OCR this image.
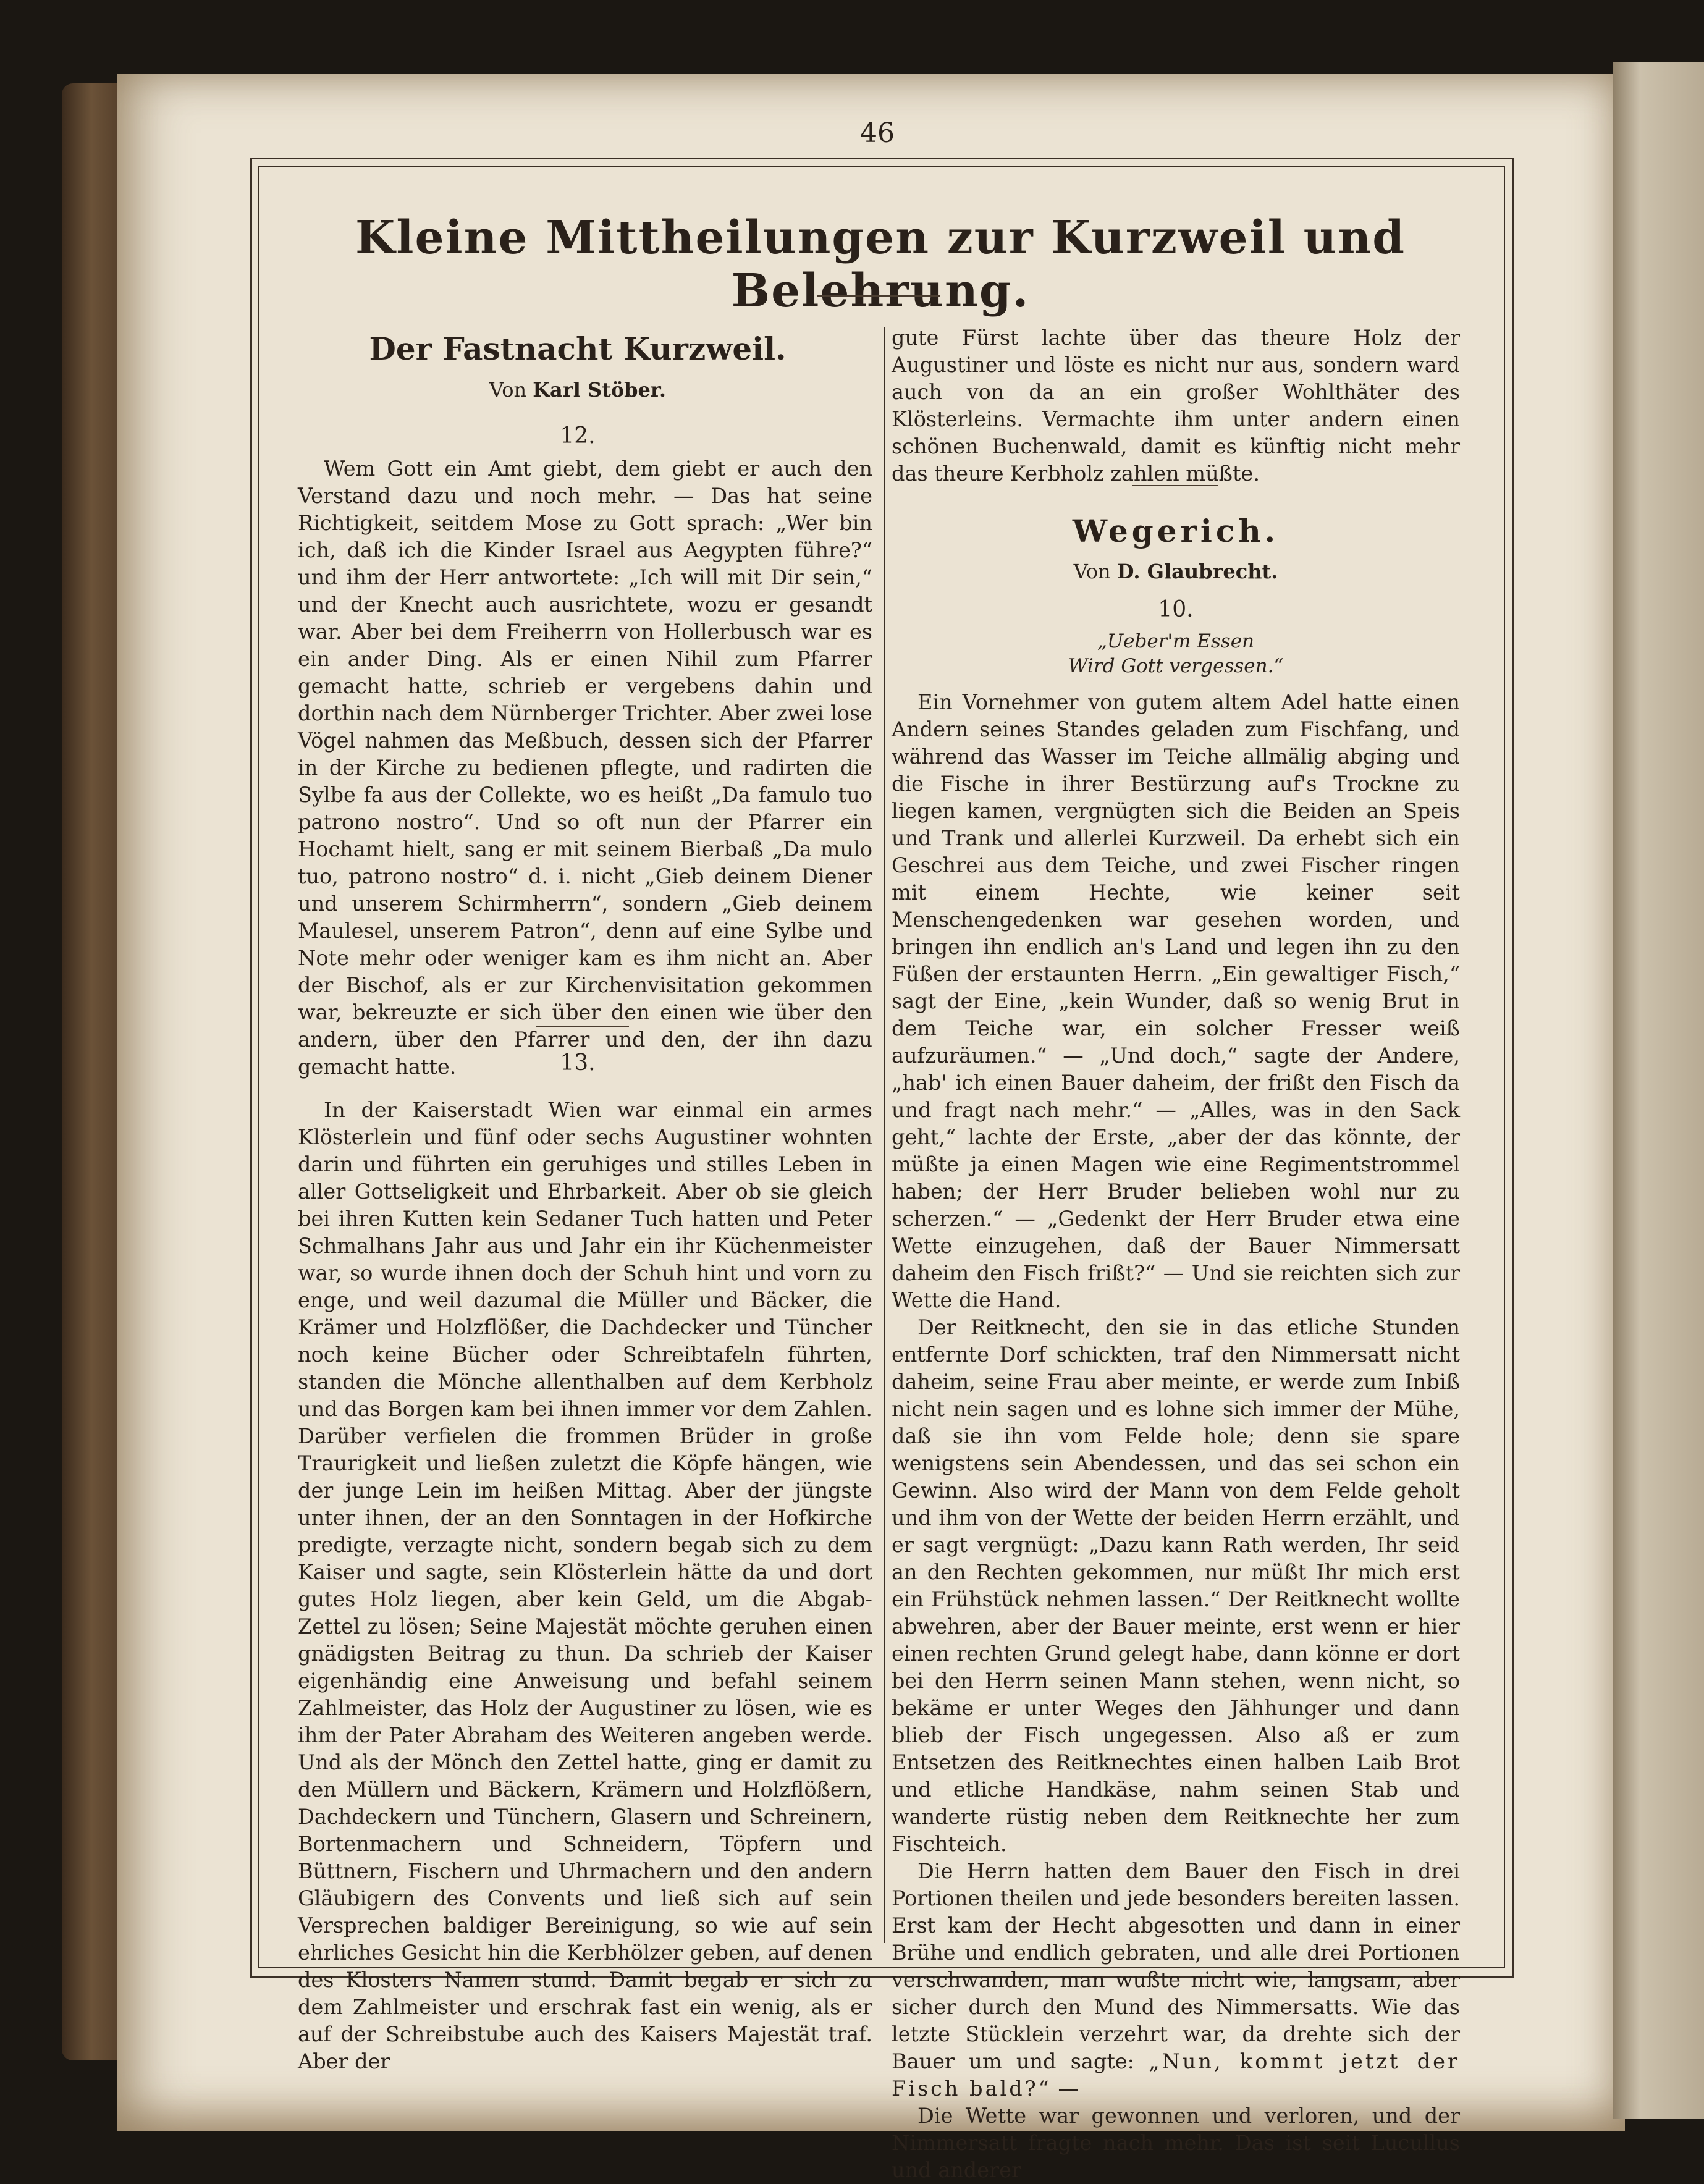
46
Kleine Mittheilungen zur Kurzweil und Belehrung.
Der Fastnacht Kurzweil.
Von Karl Stöber.
12.

Wem Gott ein Amt giebt, dem giebt er auch den Verstand dazu und noch mehr. — Das hat seine Richtigkeit, seitdem Mose zu Gott sprach: „Wer bin ich, daß ich die Kinder Israel aus Aegypten führe?“ und ihm der Herr antwortete: „Ich will mit Dir sein,“ und der Knecht auch ausrichtete, wozu er gesandt war. Aber bei dem Freiherrn von Hollerbusch war es ein ander Ding. Als er einen Nihil zum Pfarrer gemacht hatte, schrieb er vergebens dahin und dorthin nach dem Nürnberger Trichter. Aber zwei lose Vögel nahmen das Meßbuch, dessen sich der Pfarrer in der Kirche zu bedienen pflegte, und radirten die Sylbe fa aus der Collekte, wo es heißt „Da famulo tuo patrono nostro“. Und so oft nun der Pfarrer ein Hochamt hielt, sang er mit seinem Bierbaß „Da mulo tuo, patrono nostro“ d. i. nicht „Gieb deinem Diener und unserem Schirmherrn“, sondern „Gieb deinem Maulesel, unserem Patron“, denn auf eine Sylbe und Note mehr oder weniger kam es ihm nicht an. Aber der Bischof, als er zur Kirchenvisitation gekommen war, bekreuzte er sich über den einen wie über den andern, über den Pfarrer und den, der ihn dazu gemacht hatte.	13.

In der Kaiserstadt Wien war einmal ein armes Klösterlein und fünf oder sechs Augustiner wohnten darin und führten ein geruhiges und stilles Leben in aller Gottseligkeit und Ehrbarkeit. Aber ob sie gleich bei ihren Kutten kein Sedaner Tuch hatten und Peter Schmalhans Jahr aus und Jahr ein ihr Küchenmeister war, so wurde ihnen doch der Schuh hint und vorn zu enge, und weil dazumal die Müller und Bäcker, die Krämer und Holzflößer, die Dachdecker und Tüncher noch keine Bücher oder Schreibtafeln führten, standen die Mönche allenthalben auf dem Kerbholz und das Borgen kam bei ihnen immer vor dem Zahlen. Darüber verfielen die frommen Brüder in große Traurigkeit und ließen zuletzt die Köpfe hängen, wie der junge Lein im heißen Mittag. Aber der jüngste unter ihnen, der an den Sonntagen in der Hofkirche predigte, verzagte nicht, sondern begab sich zu dem Kaiser und sagte, sein Klösterlein hätte da und dort gutes Holz liegen, aber kein Geld, um die Abgab-Zettel zu lösen; Seine Majestät möchte geruhen einen gnädigsten Beitrag zu thun. Da schrieb der Kaiser eigenhändig eine Anweisung und befahl seinem Zahlmeister, das Holz der Augustiner zu lösen, wie es ihm der Pater Abraham des Weiteren angeben werde. Und als der Mönch den Zettel hatte, ging er damit zu den Müllern und Bäckern, Krämern und Holzflößern, Dachdeckern und Tünchern, Glasern und Schreinern, Bortenmachern und Schneidern, Töpfern und Büttnern, Fischern und Uhrmachern und den andern Gläubigern des Convents und ließ sich auf sein Versprechen baldiger Bereinigung, so wie auf sein ehrliches Gesicht hin die Kerbhölzer geben, auf denen des Klosters Namen stund. Damit begab er sich zu dem Zahlmeister und erschrak fast ein wenig, als er auf der Schreibstube auch des Kaisers Majestät traf. Aber der

gute Fürst lachte über das theure Holz der Augustiner und löste es nicht nur aus, sondern ward auch von da an ein großer Wohlthäter des Klösterleins. Vermachte ihm unter andern einen schönen Buchenwald, damit es künftig nicht mehr das theure Kerbholz zahlen müßte.

Wegerich.
Von D. Glaubrecht.
10.
„Ueber'm Essen
Wird Gott vergessen.“

Ein Vornehmer von gutem altem Adel hatte einen Andern seines Standes geladen zum Fischfang, und während das Wasser im Teiche allmälig abging und die Fische in ihrer Bestürzung auf's Trockne zu liegen kamen, vergnügten sich die Beiden an Speis und Trank und allerlei Kurzweil. Da erhebt sich ein Geschrei aus dem Teiche, und zwei Fischer ringen mit einem Hechte, wie keiner seit Menschengedenken war gesehen worden, und bringen ihn endlich an's Land und legen ihn zu den Füßen der erstaunten Herrn. „Ein gewaltiger Fisch,“ sagt der Eine, „kein Wunder, daß so wenig Brut in dem Teiche war, ein solcher Fresser weiß aufzuräumen.“ — „Und doch,“ sagte der Andere, „hab' ich einen Bauer daheim, der frißt den Fisch da und fragt nach mehr.“ — „Alles, was in den Sack geht,“ lachte der Erste, „aber der das könnte, der müßte ja einen Magen wie eine Regimentstrommel haben; der Herr Bruder belieben wohl nur zu scherzen.“ — „Gedenkt der Herr Bruder etwa eine Wette einzugehen, daß der Bauer Nimmersatt daheim den Fisch frißt?“ — Und sie reichten sich zur Wette die Hand.

Der Reitknecht, den sie in das etliche Stunden entfernte Dorf schickten, traf den Nimmersatt nicht daheim, seine Frau aber meinte, er werde zum Inbiß nicht nein sagen und es lohne sich immer der Mühe, daß sie ihn vom Felde hole; denn sie spare wenigstens sein Abendessen, und das sei schon ein Gewinn. Also wird der Mann von dem Felde geholt und ihm von der Wette der beiden Herrn erzählt, und er sagt vergnügt: „Dazu kann Rath werden, Ihr seid an den Rechten gekommen, nur müßt Ihr mich erst ein Frühstück nehmen lassen.“ Der Reitknecht wollte abwehren, aber der Bauer meinte, erst wenn er hier einen rechten Grund gelegt habe, dann könne er dort bei den Herrn seinen Mann stehen, wenn nicht, so bekäme er unter Weges den Jähhunger und dann blieb der Fisch ungegessen. Also aß er zum Entsetzen des Reitknechtes einen halben Laib Brot und etliche Handkäse, nahm seinen Stab und wanderte rüstig neben dem Reitknechte her zum Fischteich.

Die Herrn hatten dem Bauer den Fisch in drei Portionen theilen und jede besonders bereiten lassen. Erst kam der Hecht abgesotten und dann in einer Brühe und endlich gebraten, und alle drei Portionen verschwanden, man wußte nicht wie, langsam, aber sicher durch den Mund des Nimmersatts. Wie das letzte Stücklein verzehrt war, da drehte sich der Bauer um und sagte: „Nun, kommt jetzt der Fisch bald?“ —

Die Wette war gewonnen und verloren, und der Nimmersatt fragte nach mehr. Das ist seit Lucullus und anderer
